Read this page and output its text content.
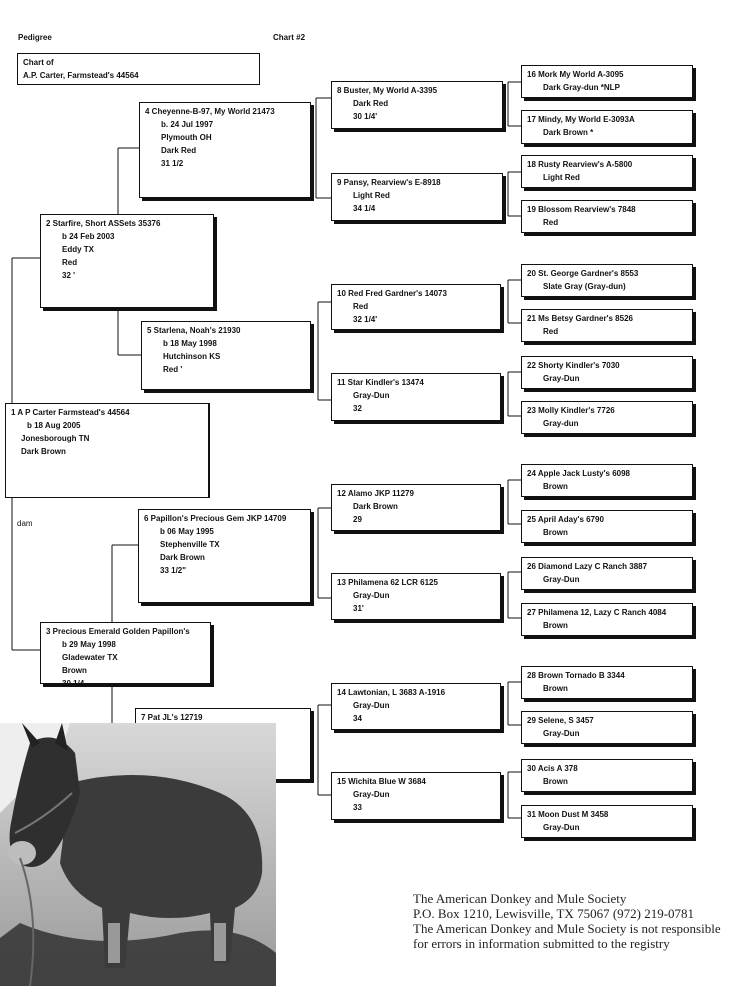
Pedigree	Chart #2
Chart of
A.P. Carter, Farmstead's 44564
dam
1 A P Carter Farmstead's 44564
b 18 Aug 2005
Jonesborough TN
Dark Brown
2 Starfire, Short ASSets 35376
b 24 Feb 2003
Eddy TX
Red
32 '
3 Precious Emerald Golden Papillon's
b 29 May 1998
Gladewater TX
Brown
30 1/4
4 Cheyenne-B-97, My World 21473
b. 24 Jul 1997
Plymouth OH
Dark Red
31 1/2
5 Starlena, Noah's 21930
b 18 May 1998
Hutchinson KS
Red '
6 Papillon's Precious Gem JKP 14709
b 06 May 1995
Stephenville TX
Dark Brown
33 1/2"
7 Pat JL's 12719
8 Buster, My World A-3395
Dark Red
30 1/4'
9 Pansy, Rearview's E-8918
Light Red
34 1/4
10 Red Fred Gardner's 14073
Red
32 1/4'
11 Star Kindler's 13474
Gray-Dun
32
12 Alamo JKP 11279
Dark Brown
29
13 Philamena 62 LCR 6125
Gray-Dun
31'
14 Lawtonian, L 3683 A-1916
Gray-Dun
34
15 Wichita Blue W 3684
Gray-Dun
33
16 Mork My World A-3095
Dark Gray-dun *NLP
17 Mindy, My World E-3093A
Dark Brown *
18 Rusty Rearview's A-5800
Light Red
19 Blossom Rearview's 7848
Red
20 St. George Gardner's 8553
Slate Gray (Gray-dun)
21 Ms Betsy Gardner's 8526
Red
22 Shorty Kindler's 7030
Gray-Dun
23 Molly Kindler's 7726
Gray-dun
24 Apple Jack Lusty's 6098
Brown
25 April Aday's 6790
Brown
26 Diamond Lazy C Ranch 3887
Gray-Dun
27 Philamena 12, Lazy C Ranch 4084
Brown
28 Brown Tornado B 3344
Brown
29 Selene, S 3457
Gray-Dun
30 Acis A 378
Brown
31 Moon Dust M 3458
Gray-Dun
The American Donkey and Mule Society
P.O. Box 1210, Lewisville, TX 75067 (972) 219-0781
The American Donkey and Mule Society is not responsible
for errors in information submitted to the registry
